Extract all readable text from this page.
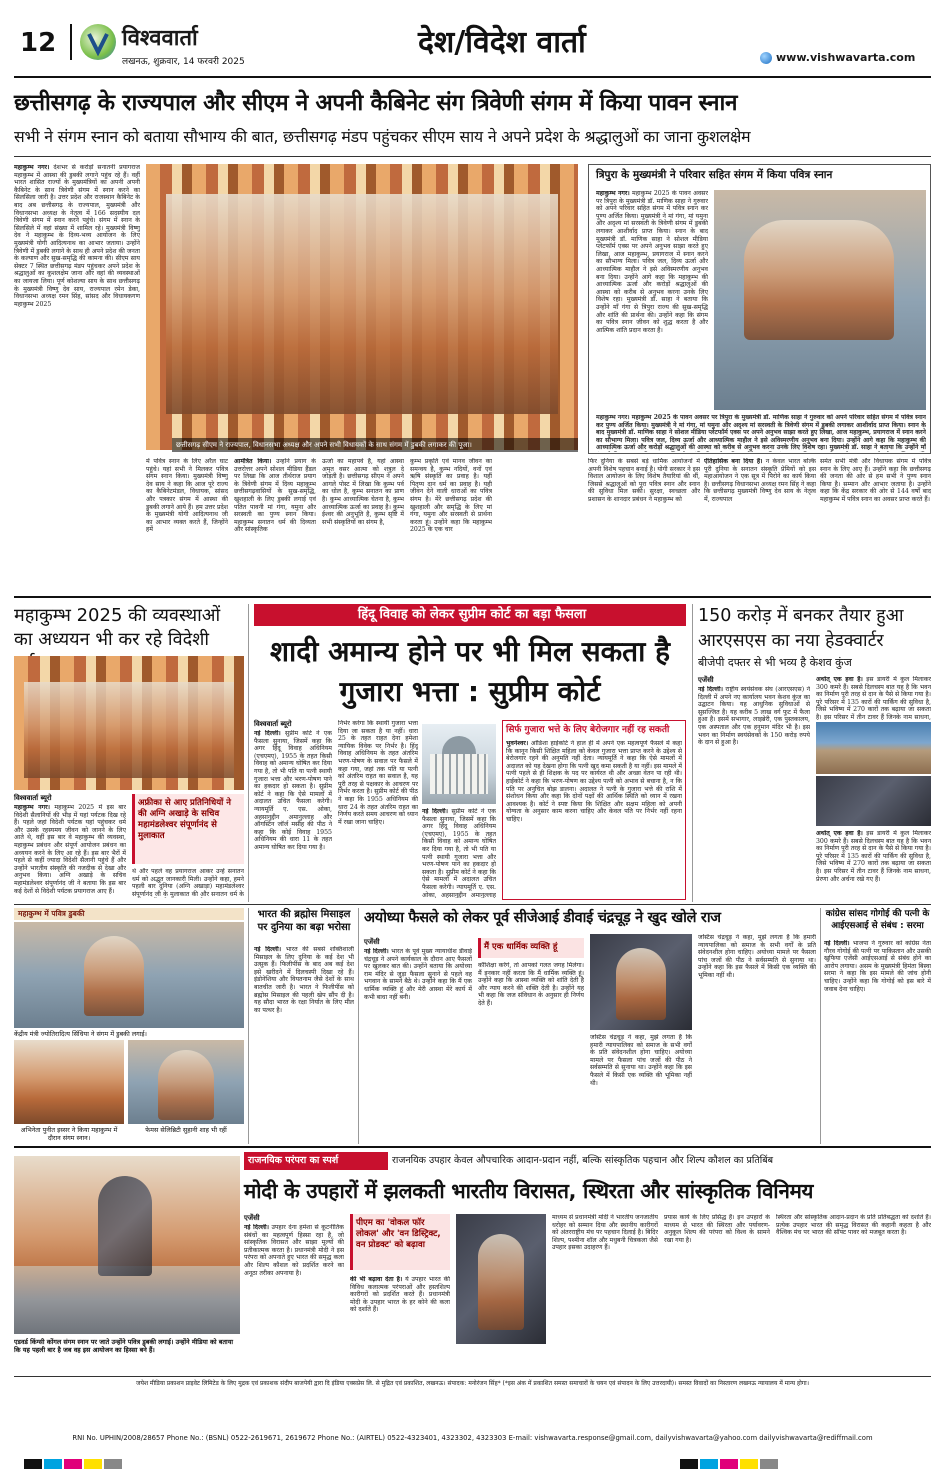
12	विश्ववार्ता
लखनऊ, शुक्रवार, 14 फरवरी 2025
देश/विदेश वार्ता	www.vishwavarta.com
छत्तीसगढ़ के राज्यपाल और सीएम ने अपनी कैबिनेट संग त्रिवेणी संगम में किया पावन स्नान
सभी ने संगम स्नान को बताया सौभाग्य की बात, छत्तीसगढ़ मंडप पहुंचकर सीएम साय ने अपने प्रदेश के श्रद्धालुओं का जाना कुशलक्षेम
महाकुम्भ नगर। देशभर से करोड़ों सनातनी प्रयागराज महाकुम्भ में आस्था की डुबकी लगाने पहुंच रहे हैं। वहीं भारत शासित राज्यों के मुख्यमंत्रियों का अपनी अपनी कैबिनेट के साथ त्रिवेणी संगम में स्नान करने का सिलसिला जारी है। उत्तर प्रदेश और राजस्थान कैबिनेट के बाद अब छत्तीसगढ़ के राज्यपाल, मुख्यमंत्री और विधानसभा अध्यक्ष के नेतृत्व में 166 सदस्यीय दल त्रिवेणी संगम में स्नान करने पहुंचे। संगम में स्नान के सिलसिले में वहां संख्या में शामिल रहे। मुख्यमंत्री विष्णु देव ने महाकुम्भ के दिव्य-भव्य आयोजन के लिए मुख्यमंत्री योगी आदित्यनाथ का आभार जताया। उन्होंने त्रिवेणी में डुबकी लगाने के साथ ही अपने प्रदेश की जनता के कल्याण और सुख-समृद्धि की कामना की। सीएम साय सेक्टर 7 स्थित छत्तीसगढ़ मंडप पहुंचकर अपने प्रदेश के श्रद्धालुओं का कुशलक्षेम जाना और वहां की व्यवस्थाओं का जायजा लिया। पूर्ण कोशल्या साय के साथ छत्तीसगढ़ के मुख्यमंत्री विष्णु देव साय, राज्यपाल रमेन डेका, विधानसभा अध्यक्ष रमन सिंह, सांसद और विधायकगण महाकुम्भ 2025
छत्तीसगढ़ सीएम ने राज्यपाल, विधानसभा अध्यक्ष और अपने सभी विधायकों के साथ संगम में डुबकी लगाकर की पूजा।
में पवित्र स्नान के लिए अरैल घाट पहुंचे। यहां सभी ने मिलकर पवित्र संगम स्नान किया। मुख्यमंत्री विष्णु देव साय ने कहा कि आज पूरे राज्य का कैबिनेटमंडल, विधायक, सांसद और पत्रकार संगम में आस्था की डुबकी लगाने आये हैं। हम उत्तर प्रदेश के मुख्यमंत्री योगी आदित्यनाथ जी का आभार व्यक्त करते हैं, जिन्होंने हमें
आमंत्रित किया। उन्होंने प्रयाग के उत्तरोत्तर अपने सोशल मीडिया हैंडल पर लिखा कि आज तीर्थराज प्रयाग के त्रिवेणी संगम में दिव्य महाकुम्भ छत्तीसगढ़वासियों के सुख-समृद्धि, खुशहाली के लिए डुबकी लगाई एवं पतित पावनी मां गंगा, यमुना और सरस्वती का पुण्य स्नान किया। महाकुम्भ सनातन धर्म की दिव्यता और सांस्कृतिक
ऊर्जा का महापर्व है, यहां आस्था अमृत वसर आत्मा को शत्रुल दे जोड़ती है। छत्तीसगढ़ सीएम ने अपने आगले पोस्ट में लिखा कि कुम्भ पर्व का धोल है, कुम्भ सनातन का प्राण है। कुम्भ आध्यात्मिक चेतना है, कुम्भ आध्यात्मिक ऊर्जा का प्रवाह है। कुम्भ ईश्वर की अनुभूति है, कुम्भ सृष्टि में सभी संस्कृतियों का संगम है,
कुम्भ प्रकृति एवं मानव जीवन का समन्वय है, कुम्भ नदियों, वनों एवं ऋषि संस्कृति का प्रवाह है। यहीं पितृप्य दान धर्म का प्रवाह है। यही जीवन देने वाली धाराओं का पवित्र संगम है। मेरे छत्तीसगढ़ प्रदेश की खुशहाली और समृद्धि के लिए मां गंगा, यमुना और सरस्वती से प्रार्थना करता हूं। उन्होंने कहा कि महाकुम्भ 2025 के एक चार
त्रिपुरा के मुख्यमंत्री ने परिवार सहित संगम में किया पवित्र स्नान
महाकुम्भ नगर। महाकुम्भ 2025 के पावन अवसर पर त्रिपुरा के मुख्यमंत्री डॉ. माणिक साहा ने गुरुवार को अपने परिवार सहित संगम में पवित्र स्नान कर पुण्य अर्जित किया। मुख्यमंत्री ने मां गंगा, मां यमुना और अदृश्य मां सरस्वती के त्रिवेणी संगम में डुबकी लगाकर आशीर्वाद प्राप्त किया। स्नान के बाद मुख्यमंत्री डॉ. माणिक साहा ने सोशल मीडिया प्लेटफॉर्म एक्स पर अपने अनुभव साझा करते हुए लिखा, आज महाकुम्भ, प्रयागराज में स्नान करने का सौभाग्य मिला। पवित्र जल, दिव्य ऊर्जा और आध्यात्मिक माहौल ने इसे अविस्मरणीय अनुभव बना दिया। उन्होंने आगे कहा कि महाकुम्भ की आध्यात्मिक ऊर्जा और करोड़ों श्रद्धालुओं की आस्था को करीब से अनुभव करना उनके लिए विशेष रहा। मुख्यमंत्री डॉ. साहा ने बताया कि उन्होंने माँ गंगा से त्रिपुरा राज्य की सुख-समृद्धि और शांति की प्रार्थना की। उन्होंने कहा कि संगम का पवित्र स्नान जीवन को शुद्ध करता है और आत्मिक शांति प्रदान करता है।
महाकुम्भ नगर। महाकुम्भ 2025 के पावन अवसर पर त्रिपुरा के मुख्यमंत्री डॉ. माणिक साहा ने गुरुवार को अपने परिवार सहित संगम में पवित्र स्नान कर पुण्य अर्जित किया। मुख्यमंत्री ने मां गंगा, मां यमुना और अदृश्य मां सरस्वती के त्रिवेणी संगम में डुबकी लगाकर आशीर्वाद प्राप्त किया। स्नान के बाद मुख्यमंत्री डॉ. माणिक साहा ने सोशल मीडिया प्लेटफॉर्म एक्स पर अपने अनुभव साझा करते हुए लिखा, आज महाकुम्भ, प्रयागराज में स्नान करने का सौभाग्य मिला। पवित्र जल, दिव्य ऊर्जा और आध्यात्मिक माहौल ने इसे अविस्मरणीय अनुभव बना दिया। उन्होंने आगे कहा कि महाकुम्भ की आध्यात्मिक ऊर्जा और करोड़ों श्रद्धालुओं की आस्था को करीब से अनुभव करना उनके लिए विशेष रहा। मुख्यमंत्री डॉ. साहा ने बताया कि उन्होंने माँ
फिर दुनिया के सबसे बड़े धार्मिक आयोजनों में अपनी विशेष पहचान बनाई है। योगी सरकार ने इस विशाल आयोजन के लिए विशेष तैयारियां की थीं, जिससे श्रद्धालुओं को पूरा पवित्र स्नान और स्नान की सुविधा मिल सकी। सुरक्षा, स्वच्छता और प्रशासन के शानदार प्रबंधन ने महाकुम्भ को
ऐतिहासिक बना दिया है। न केवल भारत बल्कि पूरी दुनिया के सनातन संस्कृति प्रेमियों को इस महाआयोजन ने एक सूत्र में पिरोने का कार्य किया है। छत्तीसगढ़ विधानसभा अध्यक्ष रमन सिंह ने कहा कि छत्तीसगढ़ मुख्यमंत्री विष्णु देव साय के नेतृत्व में, राज्यपाल
समेत सभी मंत्री और विधायक संगम में पवित्र स्नान के लिए आए हैं। उन्होंने कहा कि छत्तीसगढ़ की जनता की ओर से हम सभी ने पुण्य स्नान किया है। सम्मान और आभार जताया है। उन्होंने कहा कि केंद्र सरकार की ओर से 144 वर्षों बाद महाकुम्भ में पवित्र स्नान का अवसर प्राप्त करते हैं।
महाकुम्भ 2025 की व्यवस्थाओं का अध्ययन भी कर रहे विदेशी
विश्ववार्ता ब्यूरो
महाकुम्भ नगर। महाकुम्भ 2025 में इस बार विदेशी सैलानियों की भीड़ में यहां पर्यटक दिख रहे हैं। पहले जहां विदेशी पर्यटक यहां पहुंचकर धर्म और उसके रहस्यमय जीवन को जानने के लिए आते थे, वहीं इस बार वे महाकुम्भ की व्यवस्था, महाकुम्भ प्रबंधन और संपूर्ण आयोजन प्रबंधन का अध्ययन करने के लिए आ रहे हैं। इस बार भैरों में पहले से कहीं ज्यादा विदेशी सैलानी पहुंचे हैं और उन्होंने भारतीय संस्कृति की नजदीक से देखा और अनुभव किया। अग्नि अखाड़े के सचिव महामंडलेश्वर संपूर्णानंद जी ने बताया कि इस बार कई देशों से विदेशी पर्यटक प्रयागराज आए हैं।
अफ्रीका से आए प्रतिनिधियों ने की अग्नि अखाड़े के सचिव महामंडलेश्वर संपूर्णानंद से मुलाकात
थे और पहले वह प्रयागराज आकर उन्हें सनातन धर्म को अद्भुत जानकारी मिली। उन्होंने कहा, हमने पहली बार दुनिया (अग्नि अखाड़ा) महामंडलेश्वर संपूर्णानंद जी के मुलाकात की और सनातन धर्म के
हिंदू विवाह को लेकर सुप्रीम कोर्ट का बड़ा फैसला
शादी अमान्य होने पर भी मिल सकता है गुजारा भत्ता : सुप्रीम कोर्ट
विश्ववार्ता ब्यूरो
नई दिल्ली। सुप्रीम कोर्ट ने एक फैसला सुनाया, जिसमें कहा कि अगर हिंदू विवाह अधिनियम (एचएमए), 1955 के तहत किसी विवाह को अमान्य घोषित कर दिया गया है, तो भी पति या पत्नी स्थायी गुजारा भत्ता और भरण-पोषण पाने का हकदार हो सकता है। सुप्रीम कोर्ट ने कहा कि ऐसे मामलों में अदालत उचित फैसला करेगी। न्यायमूर्ति ए. एस. ओका, अहसानुद्दीन अमानुल्लाह और ऑगस्टिन जॉर्ज मसीह की पीठ ने कहा कि कोई विवाह 1955 अधिनियम की धारा 11 के तहत अमान्य घोषित कर दिया गया है।
निर्भर करेगा कि स्थायी गुजारा भत्ता दिया जा सकता है या नहीं। धारा 25 के तहत राहत देना हमेशा न्यायिक विवेक पर निर्भर है। हिंदू विवाह अधिनियम के तहत अंतरिम भरण-पोषण के सवाल पर फैसले में कहा गया, जहां तक पति या पत्नी को अंतरिम राहत का सवाल है, यह पूरी तरह से पक्षकार के आचरण पर निर्भर करता है। सुप्रीम कोर्ट की पीठ ने कहा कि 1955 अधिनियम की धारा 24 के तहत अंतरिम राहत का निर्णय करते समय आचरण को ध्यान में रखा जाना चाहिए।
नई दिल्ली। सुप्रीम कोर्ट ने एक फैसला सुनाया, जिसमें कहा कि अगर हिंदू विवाह अधिनियम (एचएमए), 1955 के तहत किसी विवाह को अमान्य घोषित कर दिया गया है, तो भी पति या पत्नी स्थायी गुजारा भत्ता और भरण-पोषण पाने का हकदार हो सकता है। सुप्रीम कोर्ट ने कहा कि ऐसे मामलों में अदालत उचित फैसला करेगी। न्यायमूर्ति ए. एस. ओका, अहसानुद्दीन अमानुल्लाह
सिर्फ गुजारा भत्ते के लिए बेरोजगार नहीं रह सकती
भुवनेश्वर। ओडिशा हाईकोर्ट ने हाल ही में अपने एक महत्वपूर्ण फैसले में कहा कि कानून किसी शिक्षित महिला को केवल गुजारा भत्ता प्राप्त करने के उद्देश्य से बेरोजगार रहने की अनुमति नहीं देता। न्यायमूर्ति ने कहा कि ऐसे मामलों में अदालत को यह देखना होगा कि पत्नी खुद कमा सकती है या नहीं। इस मामले में पत्नी पहले से ही शिक्षक के पद पर कार्यरत थी और अच्छा वेतन पा रही थी। हाईकोर्ट ने कहा कि भरण-पोषण का उद्देश्य पत्नी को अभाव से बचाना है, न कि पति पर अनुचित बोझ डालना। अदालत ने पत्नी के गुजारा भत्ते की राशि में संशोधन किया और कहा कि दोनों पक्षों की आर्थिक स्थिति को ध्यान में रखना आवश्यक है। कोर्ट ने स्पष्ट किया कि शिक्षित और सक्षम महिला को अपनी योग्यता के अनुसार काम करना चाहिए और केवल पति पर निर्भर नहीं रहना चाहिए।
150 करोड़ में बनकर तैयार हुआ आरएसएस का नया हेडक्वार्टर
बीजेपी दफ्तर से भी भव्य है केशव कुंज
एजेंसी
नई दिल्ली। राष्ट्रीय स्वयंसेवक संघ (आरएसएस) ने दिल्ली में अपने नए कार्यालय भवन केशव कुंज का उद्घाटन किया। यह आधुनिक सुविधाओं से सुसज्जित है। यह करीब 5 लाख वर्ग फुट में फैला हुआ है। इसमें सभागार, लाइब्रेरी, एक पुस्तकालय, एक अस्पताल और एक हनुमान मंदिर भी है। इस भवन का निर्माण स्वयंसेवकों के 150 करोड़ रुपये के दान से हुआ है।
अर्थात् एक हवा है। इस डायरी में कुल मिलाकर 300 कमरे हैं। सबसे दिलचस्प बात यह है कि भवन का निर्माण पूरी तरह से दान के पैसे से किया गया है। पूरे परिसर में 135 कारों की पार्किंग की सुविधा है, जिसे भविष्य में 270 कारों तक बढ़ाया जा सकता है। इस परिसर में तीन टावर हैं जिनके नाम साधना,
अर्थात् एक हवा है। इस डायरी में कुल मिलाकर 300 कमरे हैं। सबसे दिलचस्प बात यह है कि भवन का निर्माण पूरी तरह से दान के पैसे से किया गया है। पूरे परिसर में 135 कारों की पार्किंग की सुविधा है, जिसे भविष्य में 270 कारों तक बढ़ाया जा सकता है। इस परिसर में तीन टावर हैं जिनके नाम साधना, प्रेरणा और अर्चना रखे गए हैं।
महाकुम्भ में पवित्र डुबकी
केंद्रीय मंत्री ज्योतिरादित्य सिंधिया ने संगम में डुबकी लगाई।
अभिनेता पुनीत इस्सर ने किया महाकुम्भ में दौरान संगम स्नान।
फेमस सेलिब्रिटी सुहानी शाह भी रहीं
भारत की ब्रह्मोस मिसाइल पर दुनिया का बढ़ा भरोसा
नई दिल्ली। भारत की सबसे शक्तिशाली मिसाइल के लिए दुनिया के कई देश भी उत्सुक हैं। फिलीपींस के बाद अब कई देश इसे खरीदने में दिलचस्पी दिखा रहे हैं। इंडोनेशिया और वियतनाम जैसे देशों के साथ बातचीत जारी है। भारत ने फिलीपींस को ब्रह्मोस मिसाइल की पहली खेप सौंप दी है। यह सौदा भारत के रक्षा निर्यात के लिए मील का पत्थर है।
अयोध्या फैसले को लेकर पूर्व सीजेआई डीवाई चंद्रचूड़ ने खुद खोले राज
एजेंसी
नई दिल्ली। भारत के पूर्व मुख्य न्यायाधीश डीवाई चंद्रचूड़ ने अपने कार्यकाल के दौरान आए फैसलों पर खुलकर बात की। उन्होंने बताया कि अयोध्या राम मंदिर से जुड़ा फैसला सुनाने से पहले वह भगवान के सामने बैठे थे। उन्होंने कहा कि मैं एक धार्मिक व्यक्ति हूं और मेरी आस्था मेरे कार्य में कभी बाधा नहीं बनी।
मैं एक धार्मिक व्यक्ति हूं
कौशिक्षा करेंगे, तो आपको गलत जगह मिलेगा। मैं इनकार नहीं करता कि मैं धार्मिक व्यक्ति हूं। उन्होंने कहा कि आस्था व्यक्ति को शांति देती है और न्याय करने की शक्ति देती है। उन्होंने यह भी कहा कि जज संविधान के अनुसार ही निर्णय देते हैं।
जस्टिस चंद्रचूड़ ने कहा, मुझे लगता है कि हमारी न्यायपालिका को समाज के सभी वर्गों के प्रति संवेदनशील होना चाहिए। अयोध्या मामले पर फैसला पांच जजों की पीठ ने सर्वसम्मति से सुनाया था। उन्होंने कहा कि इस फैसले में किसी एक व्यक्ति की भूमिका नहीं थी।
जस्टिस चंद्रचूड़ ने कहा, मुझे लगता है कि हमारी न्यायपालिका को समाज के सभी वर्गों के प्रति संवेदनशील होना चाहिए। अयोध्या मामले पर फैसला पांच जजों की पीठ ने सर्वसम्मति से सुनाया था। उन्होंने कहा कि इस फैसले में किसी एक व्यक्ति की भूमिका नहीं थी।
कांग्रेस सांसद गोगोई की पत्नी के आईएसआई से संबंध : सरमा
नई दिल्ली। भाजपा ने गुरुवार को कांग्रेस नेता गौरव गोगोई की पत्नी पर पाकिस्तान और उसकी खुफिया एजेंसी आईएसआई से संबंध होने का आरोप लगाया। असम के मुख्यमंत्री हिमंता बिस्वा सरमा ने कहा कि इस मामले की जांच होनी चाहिए। उन्होंने कहा कि गोगोई को इस बारे में जवाब देना चाहिए।
राजनयिक परंपरा का स्पर्श	राजनयिक उपहार केवल औपचारिक आदान-प्रदान नहीं, बल्कि सांस्कृतिक पहचान और शिल्प कौशल का प्रतिबिंब
मोदी के उपहारों में झलकती भारतीय विरासत, स्थिरता और सांस्कृतिक विनिमय
एडवर्ड किंग्सी कोंगल संगम स्नान पर जाते उन्होंने पवित्र डुबकी लगाई। उन्होंने मीडिया को बताया कि यह पहली बार है जब वह इस आयोजन का हिस्सा बने हैं।
एजेंसी
नई दिल्ली। उपहार देना हमेशा से कूटनीतिक संबंधों का महत्वपूर्ण हिस्सा रहा है, जो सांस्कृतिक विरासत और साझा मूल्यों की प्रतीकात्मक करता है। प्रधानमंत्री मोदी ने इस परंपरा को अपनाते हुए भारत की समृद्ध कला और शिल्प कौशल को प्रदर्शित करने का अनूठा तरीका अपनाया है।
पीएम का 'वोकल फॉर लोकल' और 'वन डिस्ट्रिक्ट, वन प्रोडक्ट' को बढ़ावा
की भी बढ़ावा देता है। ये उपहार भारत की विविध कलात्मक परंपराओं और हस्तशिल्प कारीगरों को प्रदर्शित करते हैं। प्रधानमंत्री मोदी के उपहार भारत के हर कोने की कला को दर्शाते हैं।
माध्यम से प्रधानमंत्री मोदी ने भारतीय जनजातीय धरोहर को सम्मान दिया और स्थानीय कारीगरों को अंतरराष्ट्रीय मंच पर पहचान दिलाई है। बिदिर शिल्प, पश्मीना शॉल और मधुबनी चित्रकला जैसे उपहार इसका उदाहरण हैं।
प्रयास कार्य के लिए प्रसिद्ध है। इन उपहारों के माध्यम से भारत की स्थिरता और पर्यावरण-अनुकूल शिल्प की परंपरा को विश्व के सामने रखा गया है।
स्थिरता और सांस्कृतिक आदान-प्रदान के प्रति प्रतिबद्धता को दर्शाते हैं। प्रत्येक उपहार भारत की समृद्ध विरासत की कहानी कहता है और वैश्विक मंच पर भारत की सॉफ्ट पावर को मजबूत करता है।
जयेश मीडिया प्रकाशन प्राइवेट लिमिटेड के लिए मुद्रक एवं प्रकाशक संदीप बाजपेयी द्वारा दि इंडिया एक्सप्रेस लि. से मुद्रित एवं प्रकाशित, लखनऊ। संपादक: मनोरंजन सिंह* (*इस अंक में प्रकाशित समस्त समाचारों के चयन एवं संपादन के लिए उत्तरदायी)। समस्त विवादों का निस्तारण लखनऊ न्यायालय में मान्य होगा।
RNI No. UPHIN/2008/28657 Phone No.: (BSNL) 0522-2619671, 2619672 Phone No.: (AIRTEL) 0522-4323401, 4323302, 4323303 E-mail: vishwavarta.response@gmail.com, dailyvishwavarta@yahoo.com dailyvishwavarta@rediffmail.com
